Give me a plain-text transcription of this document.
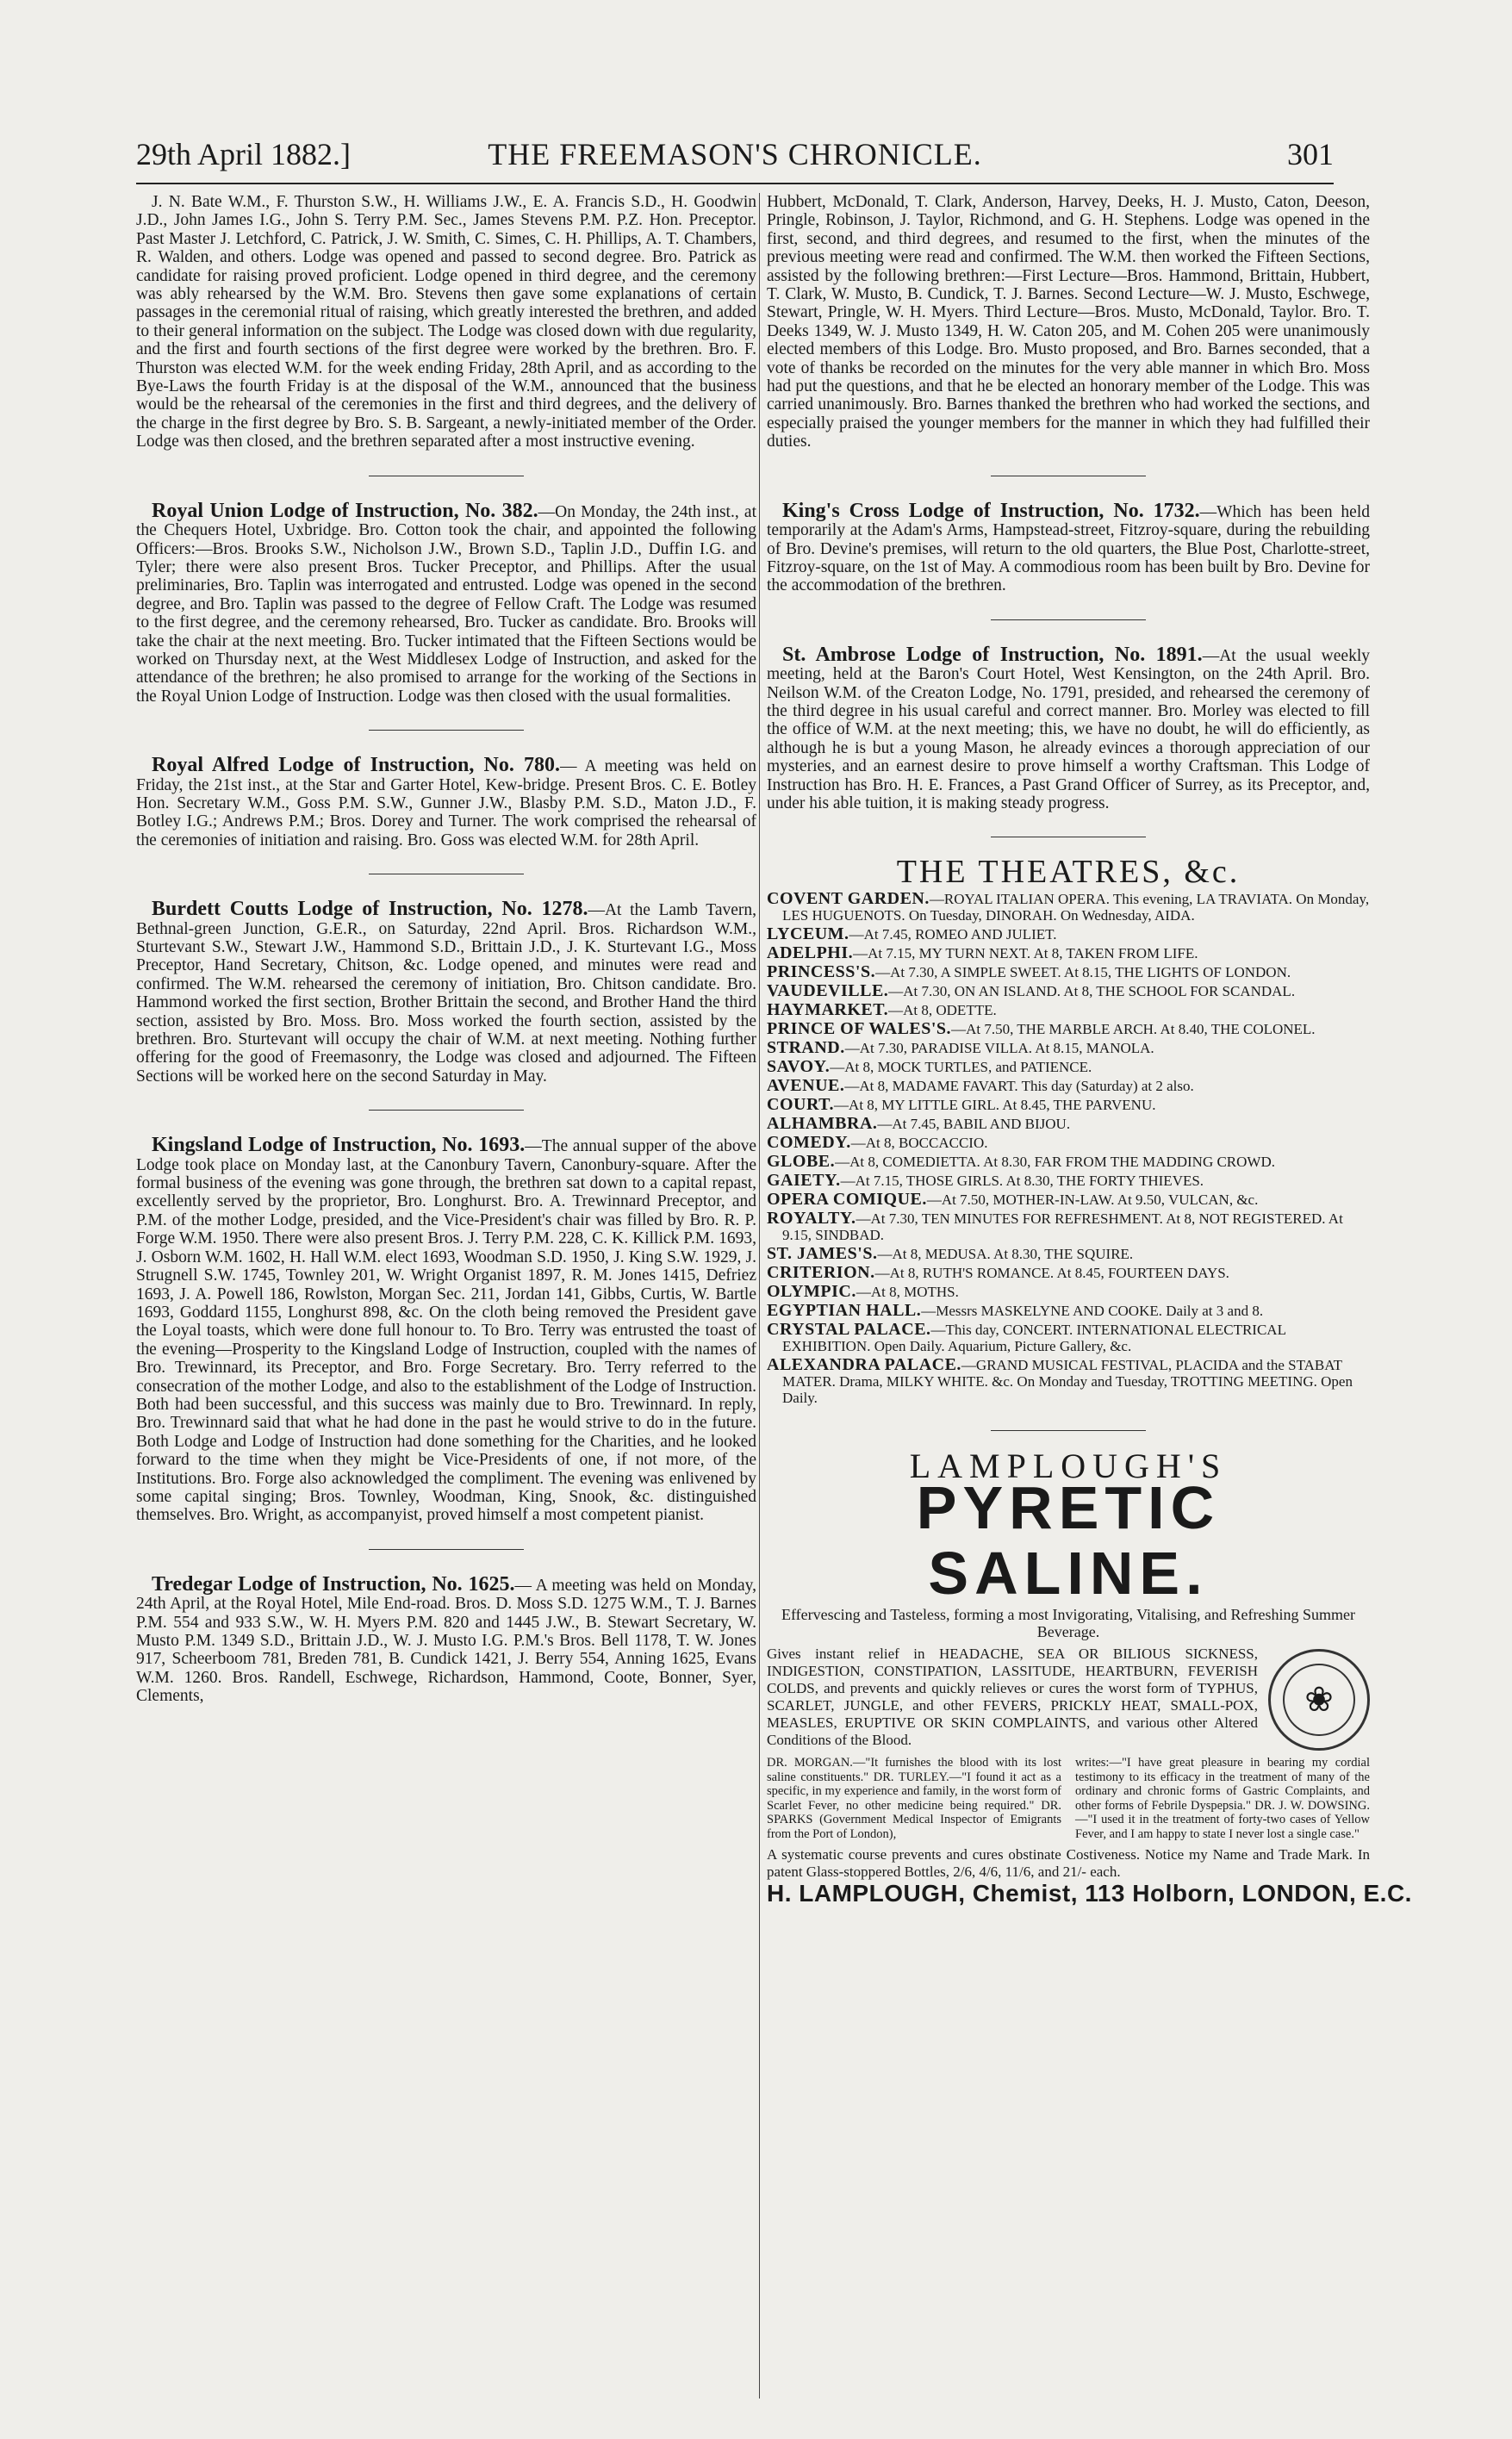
29th April 1882.]	THE FREEMASON'S CHRONICLE.	301

J. N. Bate W.M., F. Thurston S.W., H. Williams J.W., E. A. Francis S.D., H. Goodwin J.D., John James I.G., John S. Terry P.M. Sec., James Stevens P.M. P.Z. Hon. Preceptor. Past Master J. Letchford, C. Patrick, J. W. Smith, C. Simes, C. H. Phillips, A. T. Chambers, R. Walden, and others. Lodge was opened and passed to second degree. Bro. Patrick as candidate for raising proved proficient. Lodge opened in third degree, and the ceremony was ably rehearsed by the W.M. Bro. Stevens then gave some explanations of certain passages in the ceremonial ritual of raising, which greatly interested the brethren, and added to their general information on the subject. The Lodge was closed down with due regularity, and the first and fourth sections of the first degree were worked by the brethren. Bro. F. Thurston was elected W.M. for the week ending Friday, 28th April, and as according to the Bye-Laws the fourth Friday is at the disposal of the W.M., announced that the business would be the rehearsal of the ceremonies in the first and third degrees, and the delivery of the charge in the first degree by Bro. S. B. Sargeant, a newly-initiated member of the Order. Lodge was then closed, and the brethren separated after a most instructive evening.

Royal Union Lodge of Instruction, No. 382.—On Monday, the 24th inst., at the Chequers Hotel, Uxbridge. Bro. Cotton took the chair, and appointed the following Officers:—Bros. Brooks S.W., Nicholson J.W., Brown S.D., Taplin J.D., Duffin I.G. and Tyler; there were also present Bros. Tucker Preceptor, and Phillips. After the usual preliminaries, Bro. Taplin was interrogated and entrusted. Lodge was opened in the second degree, and Bro. Taplin was passed to the degree of Fellow Craft. The Lodge was resumed to the first degree, and the ceremony rehearsed, Bro. Tucker as candidate. Bro. Brooks will take the chair at the next meeting. Bro. Tucker intimated that the Fifteen Sections would be worked on Thursday next, at the West Middlesex Lodge of Instruction, and asked for the attendance of the brethren; he also promised to arrange for the working of the Sections in the Royal Union Lodge of Instruction. Lodge was then closed with the usual formalities.

Royal Alfred Lodge of Instruction, No. 780.— A meeting was held on Friday, the 21st inst., at the Star and Garter Hotel, Kew-bridge. Present Bros. C. E. Botley Hon. Secretary W.M., Goss P.M. S.W., Gunner J.W., Blasby P.M. S.D., Maton J.D., F. Botley I.G.; Andrews P.M.; Bros. Dorey and Turner. The work comprised the rehearsal of the ceremonies of initiation and raising. Bro. Goss was elected W.M. for 28th April.

Burdett Coutts Lodge of Instruction, No. 1278.—At the Lamb Tavern, Bethnal-green Junction, G.E.R., on Saturday, 22nd April. Bros. Richardson W.M., Sturtevant S.W., Stewart J.W., Hammond S.D., Brittain J.D., J. K. Sturtevant I.G., Moss Preceptor, Hand Secretary, Chitson, &c. Lodge opened, and minutes were read and confirmed. The W.M. rehearsed the ceremony of initiation, Bro. Chitson candidate. Bro. Hammond worked the first section, Brother Brittain the second, and Brother Hand the third section, assisted by Bro. Moss. Bro. Moss worked the fourth section, assisted by the brethren. Bro. Sturtevant will occupy the chair of W.M. at next meeting. Nothing further offering for the good of Freemasonry, the Lodge was closed and adjourned. The Fifteen Sections will be worked here on the second Saturday in May.

Kingsland Lodge of Instruction, No. 1693.—The annual supper of the above Lodge took place on Monday last, at the Canonbury Tavern, Canonbury-square. After the formal business of the evening was gone through, the brethren sat down to a capital repast, excellently served by the proprietor, Bro. Longhurst. Bro. A. Trewinnard Preceptor, and P.M. of the mother Lodge, presided, and the Vice-President's chair was filled by Bro. R. P. Forge W.M. 1950. There were also present Bros. J. Terry P.M. 228, C. K. Killick P.M. 1693, J. Osborn W.M. 1602, H. Hall W.M. elect 1693, Woodman S.D. 1950, J. King S.W. 1929, J. Strugnell S.W. 1745, Townley 201, W. Wright Organist 1897, R. M. Jones 1415, Defriez 1693, J. A. Powell 186, Rowlston, Morgan Sec. 211, Jordan 141, Gibbs, Curtis, W. Bartle 1693, Goddard 1155, Longhurst 898, &c. On the cloth being removed the President gave the Loyal toasts, which were done full honour to. To Bro. Terry was entrusted the toast of the evening—Prosperity to the Kingsland Lodge of Instruction, coupled with the names of Bro. Trewinnard, its Preceptor, and Bro. Forge Secretary. Bro. Terry referred to the consecration of the mother Lodge, and also to the establishment of the Lodge of Instruction. Both had been successful, and this success was mainly due to Bro. Trewinnard. In reply, Bro. Trewinnard said that what he had done in the past he would strive to do in the future. Both Lodge and Lodge of Instruction had done something for the Charities, and he looked forward to the time when they might be Vice-Presidents of one, if not more, of the Institutions. Bro. Forge also acknowledged the compliment. The evening was enlivened by some capital singing; Bros. Townley, Woodman, King, Snook, &c. distinguished themselves. Bro. Wright, as accompanyist, proved himself a most competent pianist.

Tredegar Lodge of Instruction, No. 1625.— A meeting was held on Monday, 24th April, at the Royal Hotel, Mile End-road. Bros. D. Moss S.D. 1275 W.M., T. J. Barnes P.M. 554 and 933 S.W., W. H. Myers P.M. 820 and 1445 J.W., B. Stewart Secretary, W. Musto P.M. 1349 S.D., Brittain J.D., W. J. Musto I.G. P.M.'s Bros. Bell 1178, T. W. Jones 917, Scheerboom 781, Breden 781, B. Cundick 1421, J. Berry 554, Anning 1625, Evans W.M. 1260. Bros. Randell, Eschwege, Richardson, Hammond, Coote, Bonner, Syer, Clements,

Hubbert, McDonald, T. Clark, Anderson, Harvey, Deeks, H. J. Musto, Caton, Deeson, Pringle, Robinson, J. Taylor, Richmond, and G. H. Stephens. Lodge was opened in the first, second, and third degrees, and resumed to the first, when the minutes of the previous meeting were read and confirmed. The W.M. then worked the Fifteen Sections, assisted by the following brethren:—First Lecture—Bros. Hammond, Brittain, Hubbert, T. Clark, W. Musto, B. Cundick, T. J. Barnes. Second Lecture—W. J. Musto, Eschwege, Stewart, Pringle, W. H. Myers. Third Lecture—Bros. Musto, McDonald, Taylor. Bro. T. Deeks 1349, W. J. Musto 1349, H. W. Caton 205, and M. Cohen 205 were unanimously elected members of this Lodge. Bro. Musto proposed, and Bro. Barnes seconded, that a vote of thanks be recorded on the minutes for the very able manner in which Bro. Moss had put the questions, and that he be elected an honorary member of the Lodge. This was carried unanimously. Bro. Barnes thanked the brethren who had worked the sections, and especially praised the younger members for the manner in which they had fulfilled their duties.

King's Cross Lodge of Instruction, No. 1732.—Which has been held temporarily at the Adam's Arms, Hampstead-street, Fitzroy-square, during the rebuilding of Bro. Devine's premises, will return to the old quarters, the Blue Post, Charlotte-street, Fitzroy-square, on the 1st of May. A commodious room has been built by Bro. Devine for the accommodation of the brethren.

St. Ambrose Lodge of Instruction, No. 1891.—At the usual weekly meeting, held at the Baron's Court Hotel, West Kensington, on the 24th April. Bro. Neilson W.M. of the Creaton Lodge, No. 1791, presided, and rehearsed the ceremony of the third degree in his usual careful and correct manner. Bro. Morley was elected to fill the office of W.M. at the next meeting; this, we have no doubt, he will do efficiently, as although he is but a young Mason, he already evinces a thorough appreciation of our mysteries, and an earnest desire to prove himself a worthy Craftsman. This Lodge of Instruction has Bro. H. E. Frances, a Past Grand Officer of Surrey, as its Preceptor, and, under his able tuition, it is making steady progress.

THE THEATRES, &c.

COVENT GARDEN.—ROYAL ITALIAN OPERA. This evening, LA TRAVIATA. On Monday, LES HUGUENOTS. On Tuesday, DINORAH. On Wednesday, AIDA.

LYCEUM.—At 7.45, ROMEO AND JULIET.

ADELPHI.—At 7.15, MY TURN NEXT. At 8, TAKEN FROM LIFE.

PRINCESS'S.—At 7.30, A SIMPLE SWEET. At 8.15, THE LIGHTS OF LONDON.

VAUDEVILLE.—At 7.30, ON AN ISLAND. At 8, THE SCHOOL FOR SCANDAL.

HAYMARKET.—At 8, ODETTE.

PRINCE OF WALES'S.—At 7.50, THE MARBLE ARCH. At 8.40, THE COLONEL.

STRAND.—At 7.30, PARADISE VILLA. At 8.15, MANOLA.

SAVOY.—At 8, MOCK TURTLES, and PATIENCE.

AVENUE.—At 8, MADAME FAVART. This day (Saturday) at 2 also.

COURT.—At 8, MY LITTLE GIRL. At 8.45, THE PARVENU.

ALHAMBRA.—At 7.45, BABIL AND BIJOU.

COMEDY.—At 8, BOCCACCIO.

GLOBE.—At 8, COMEDIETTA. At 8.30, FAR FROM THE MADDING CROWD.

GAIETY.—At 7.15, THOSE GIRLS. At 8.30, THE FORTY THIEVES.

OPERA COMIQUE.—At 7.50, MOTHER-IN-LAW. At 9.50, VULCAN, &c.

ROYALTY.—At 7.30, TEN MINUTES FOR REFRESHMENT. At 8, NOT REGISTERED. At 9.15, SINDBAD.

ST. JAMES'S.—At 8, MEDUSA. At 8.30, THE SQUIRE.

CRITERION.—At 8, RUTH'S ROMANCE. At 8.45, FOURTEEN DAYS.

OLYMPIC.—At 8, MOTHS.

EGYPTIAN HALL.—Messrs MASKELYNE AND COOKE. Daily at 3 and 8.

CRYSTAL PALACE.—This day, CONCERT. INTERNATIONAL ELECTRICAL EXHIBITION. Open Daily. Aquarium, Picture Gallery, &c.

ALEXANDRA PALACE.—GRAND MUSICAL FESTIVAL, PLACIDA and the STABAT MATER. Drama, MILKY WHITE. &c. On Monday and Tuesday, TROTTING MEETING. Open Daily.

LAMPLOUGH'S
PYRETIC SALINE.
Effervescing and Tasteless, forming a most Invigorating, Vitalising, and Refreshing Summer Beverage.

Gives instant relief in HEADACHE, SEA OR BILIOUS SICKNESS, INDIGESTION, CONSTIPATION, LASSITUDE, HEARTBURN, FEVERISH COLDS, and prevents and quickly relieves or cures the worst form of TYPHUS, SCARLET, JUNGLE, and other FEVERS, PRICKLY HEAT, SMALL-POX, MEASLES, ERUPTIVE OR SKIN COMPLAINTS, and various other Altered Conditions of the Blood.

❀
DR. MORGAN.—"It furnishes the blood with its lost saline constituents." DR. TURLEY.—"I found it act as a specific, in my experience and family, in the worst form of Scarlet Fever, no other medicine being required." DR. SPARKS (Government Medical Inspector of Emigrants from the Port of London),
writes:—"I have great pleasure in bearing my cordial testimony to its efficacy in the treatment of many of the ordinary and chronic forms of Gastric Complaints, and other forms of Febrile Dyspepsia." DR. J. W. DOWSING.—"I used it in the treatment of forty-two cases of Yellow Fever, and I am happy to state I never lost a single case."

A systematic course prevents and cures obstinate Costiveness. Notice my Name and Trade Mark. In patent Glass-stoppered Bottles, 2/6, 4/6, 11/6, and 21/- each.

H. LAMPLOUGH, Chemist, 113 Holborn, LONDON, E.C.
